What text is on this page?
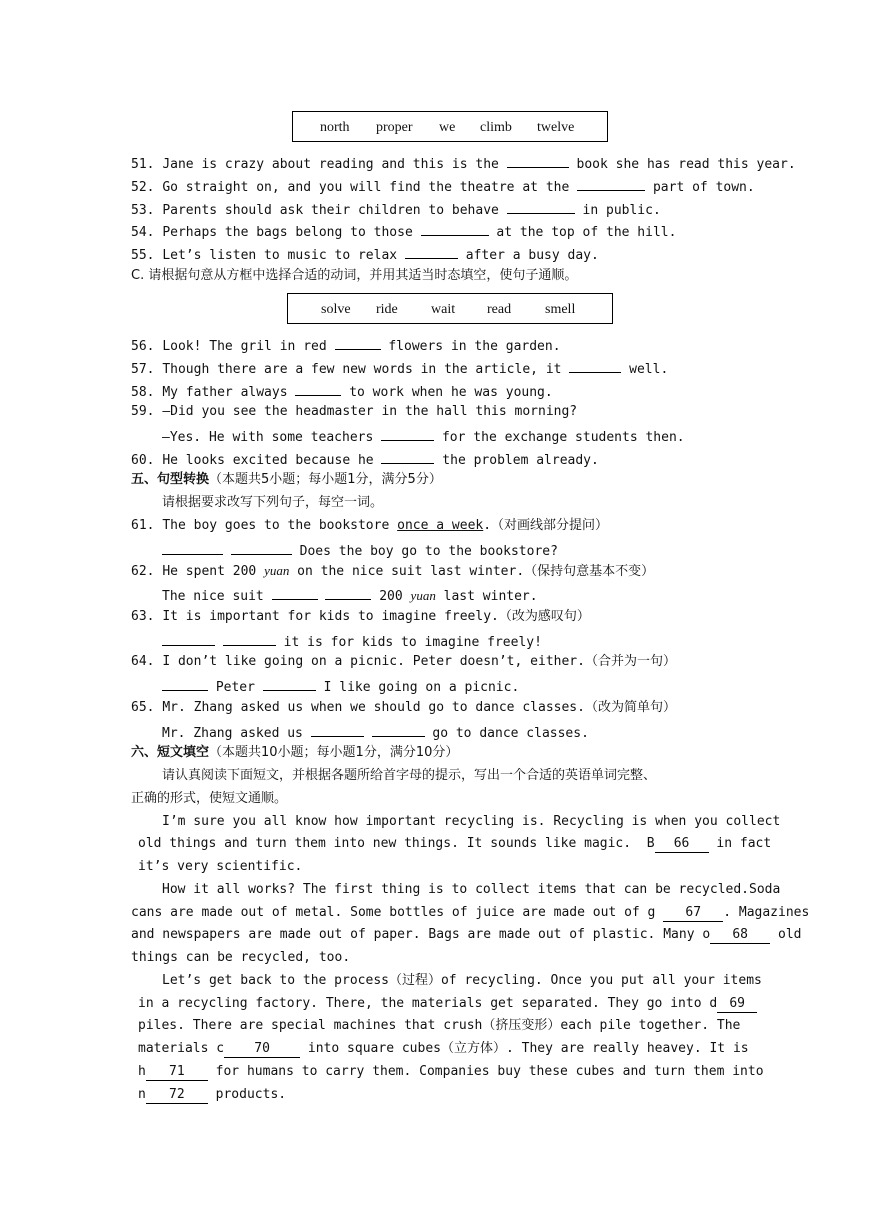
north proper we climb twelve
51. Jane is crazy about reading and this is the	book she has read this year.
52. Go straight on, and you will find the theatre at the	part of town.
53. Parents should ask their children to behave	in public.
54. Perhaps the bags belong to those	at the top of the hill.
55. Let’s listen to music to relax	after a busy day.
C. 请根据句意从方框中选择合适的动词，并用其适当时态填空，使句子通顺。
solve ride wait read smell
56. Look! The gril in red	flowers in the garden.
57. Though there are a few new words in the article, it	well.
58. My father always	to work when he was young.
59. —Did you see the headmaster in the hall this morning?
—Yes. He with some teachers	for the exchange students then.
60. He looks excited because he	the problem already.
五、句型转换（本题共5小题；每小题1分，满分5分）
请根据要求改写下列句子，每空一词。
61. The boy goes to the bookstore once a week.（对画线部分提问）
Does the boy go to the bookstore?
62. He spent 200 yuan on the nice suit last winter.（保持句意基本不变）
The nice suit	200 yuan last winter.
63. It is important for kids to imagine freely.（改为感叹句）
it is for kids to imagine freely!
64. I don’t like going on a picnic. Peter doesn’t, either.（合并为一句）
Peter	I like going on a picnic.
65. Mr. Zhang asked us when we should go to dance classes.（改为简单句）
Mr. Zhang asked us	go to dance classes.
六、短文填空（本题共10小题；每小题1分，满分10分）
请认真阅读下面短文，并根据各题所给首字母的提示，写出一个合适的英语单词完整、
正确的形式，使短文通顺。
I’m sure you all know how important recycling is. Recycling is when you collect
old things and turn them into new things. It sounds like magic.  B 66 in fact
it’s very scientific.
How it all works? The first thing is to collect items that can be recycled.Soda
cans are made out of metal. Some bottles of juice are made out of g 67 . Magazines
and newspapers are made out of paper. Bags are made out of plastic. Many o 68 old
things can be recycled, too.
Let’s get back to the process（过程）of recycling. Once you put all your items
in a recycling factory. There, the materials get separated. They go into d 69
piles. There are special machines that crush（挤压变形）each pile together. The
materials c 70	into square cubes（立方体）. They are really heavey. It is
h 71 for humans to carry them. Companies buy these cubes and turn them into
n 72 products.
